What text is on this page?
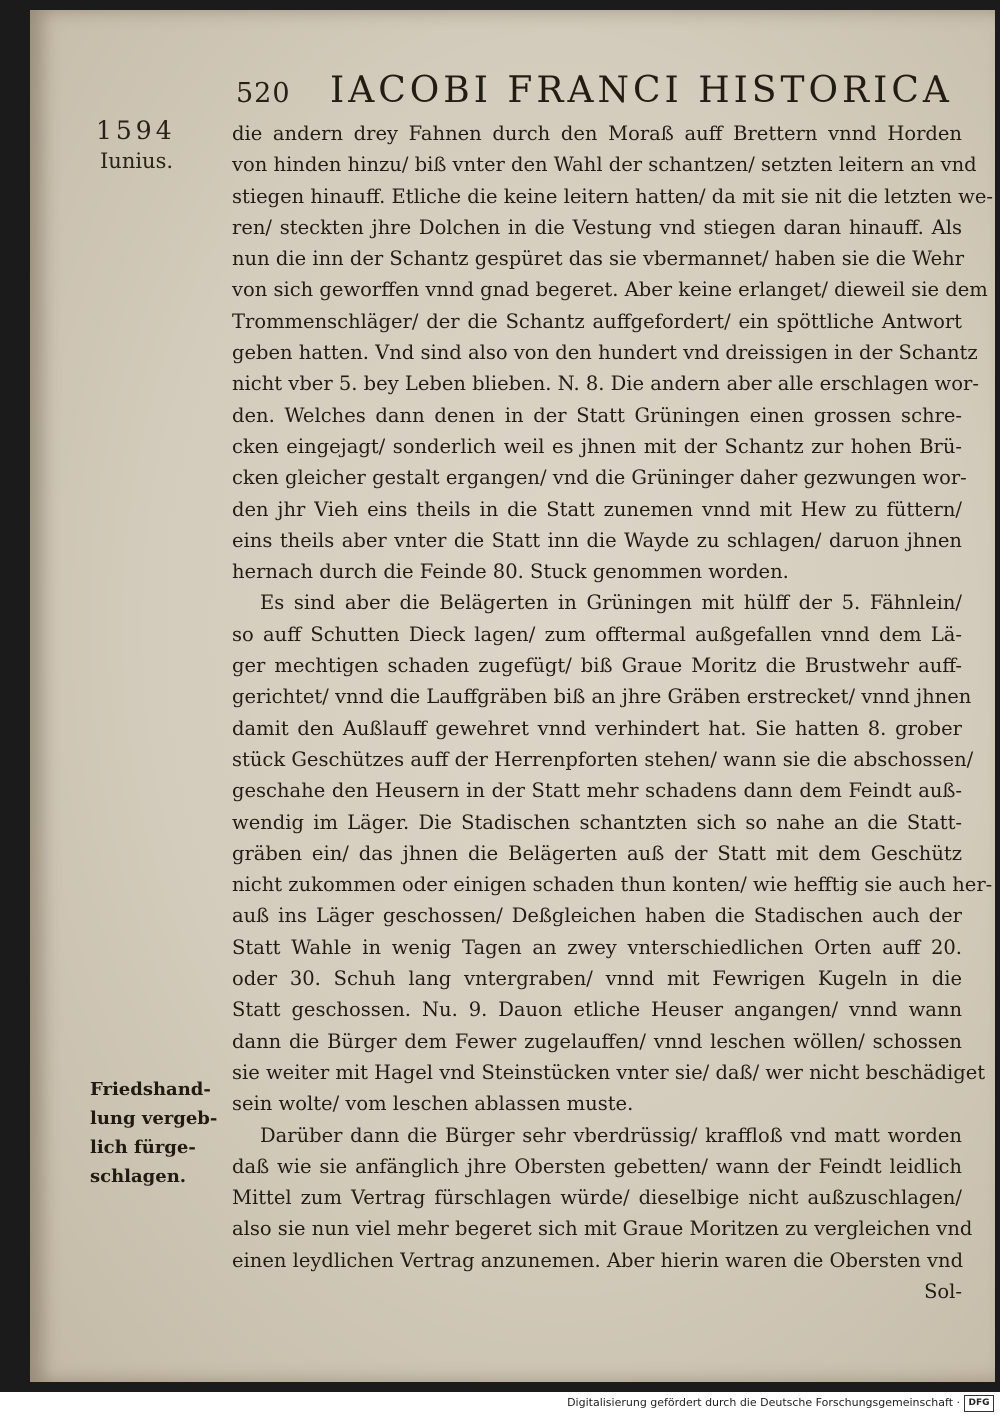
520 IACOBI FRANCI HISTORICA
1594
Iunius.
Friedshand-
lung vergeb-
lich fürge-
schlagen.
die andern drey Fahnen durch den Moraß auff Brettern vnnd Horden
von hinden hinzu/ biß vnter den Wahl der schantzen/ setzten leitern an vnd
stiegen hinauff. Etliche die keine leitern hatten/ da mit sie nit die letzten we-
ren/ steckten jhre Dolchen in die Vestung vnd stiegen daran hinauff. Als
nun die inn der Schantz gespüret das sie vbermannet/ haben sie die Wehr
von sich geworffen vnnd gnad begeret. Aber keine erlanget/ dieweil sie dem
Trommenschläger/ der die Schantz auffgefordert/ ein spöttliche Antwort
geben hatten. Vnd sind also von den hundert vnd dreissigen in der Schantz
nicht vber 5. bey Leben blieben. N. 8. Die andern aber alle erschlagen wor-
den. Welches dann denen in der Statt Grüningen einen grossen schre-
cken eingejagt/ sonderlich weil es jhnen mit der Schantz zur hohen Brü-
cken gleicher gestalt ergangen/ vnd die Grüninger daher gezwungen wor-
den jhr Vieh eins theils in die Statt zunemen vnnd mit Hew zu füttern/
eins theils aber vnter die Statt inn die Wayde zu schlagen/ daruon jhnen
hernach durch die Feinde 80. Stuck genommen worden.
Es sind aber die Belägerten in Grüningen mit hülff der 5. Fähnlein/
so auff Schutten Dieck lagen/ zum offtermal außgefallen vnnd dem Lä-
ger mechtigen schaden zugefügt/ biß Graue Moritz die Brustwehr auff-
gerichtet/ vnnd die Lauffgräben biß an jhre Gräben erstrecket/ vnnd jhnen
damit den Außlauff gewehret vnnd verhindert hat. Sie hatten 8. grober
stück Geschützes auff der Herrenpforten stehen/ wann sie die abschossen/
geschahe den Heusern in der Statt mehr schadens dann dem Feindt auß-
wendig im Läger. Die Stadischen schantzten sich so nahe an die Statt-
gräben ein/ das jhnen die Belägerten auß der Statt mit dem Geschütz
nicht zukommen oder einigen schaden thun konten/ wie hefftig sie auch her-
auß ins Läger geschossen/ Deßgleichen haben die Stadischen auch der
Statt Wahle in wenig Tagen an zwey vnterschiedlichen Orten auff 20.
oder 30. Schuh lang vntergraben/ vnnd mit Fewrigen Kugeln in die
Statt geschossen. Nu. 9. Dauon etliche Heuser angangen/ vnnd wann
dann die Bürger dem Fewer zugelauffen/ vnnd leschen wöllen/ schossen
sie weiter mit Hagel vnd Steinstücken vnter sie/ daß/ wer nicht beschädiget
sein wolte/ vom leschen ablassen muste.
Darüber dann die Bürger sehr vberdrüssig/ kraffloß vnd matt worden
daß wie sie anfänglich jhre Obersten gebetten/ wann der Feindt leidlich
Mittel zum Vertrag fürschlagen würde/ dieselbige nicht außzuschlagen/
also sie nun viel mehr begeret sich mit Graue Moritzen zu vergleichen vnd
einen leydlichen Vertrag anzunemen. Aber hierin waren die Obersten vnd
Sol-
Digitalisierung gefördert durch die Deutsche Forschungsgemeinschaft · DFG
